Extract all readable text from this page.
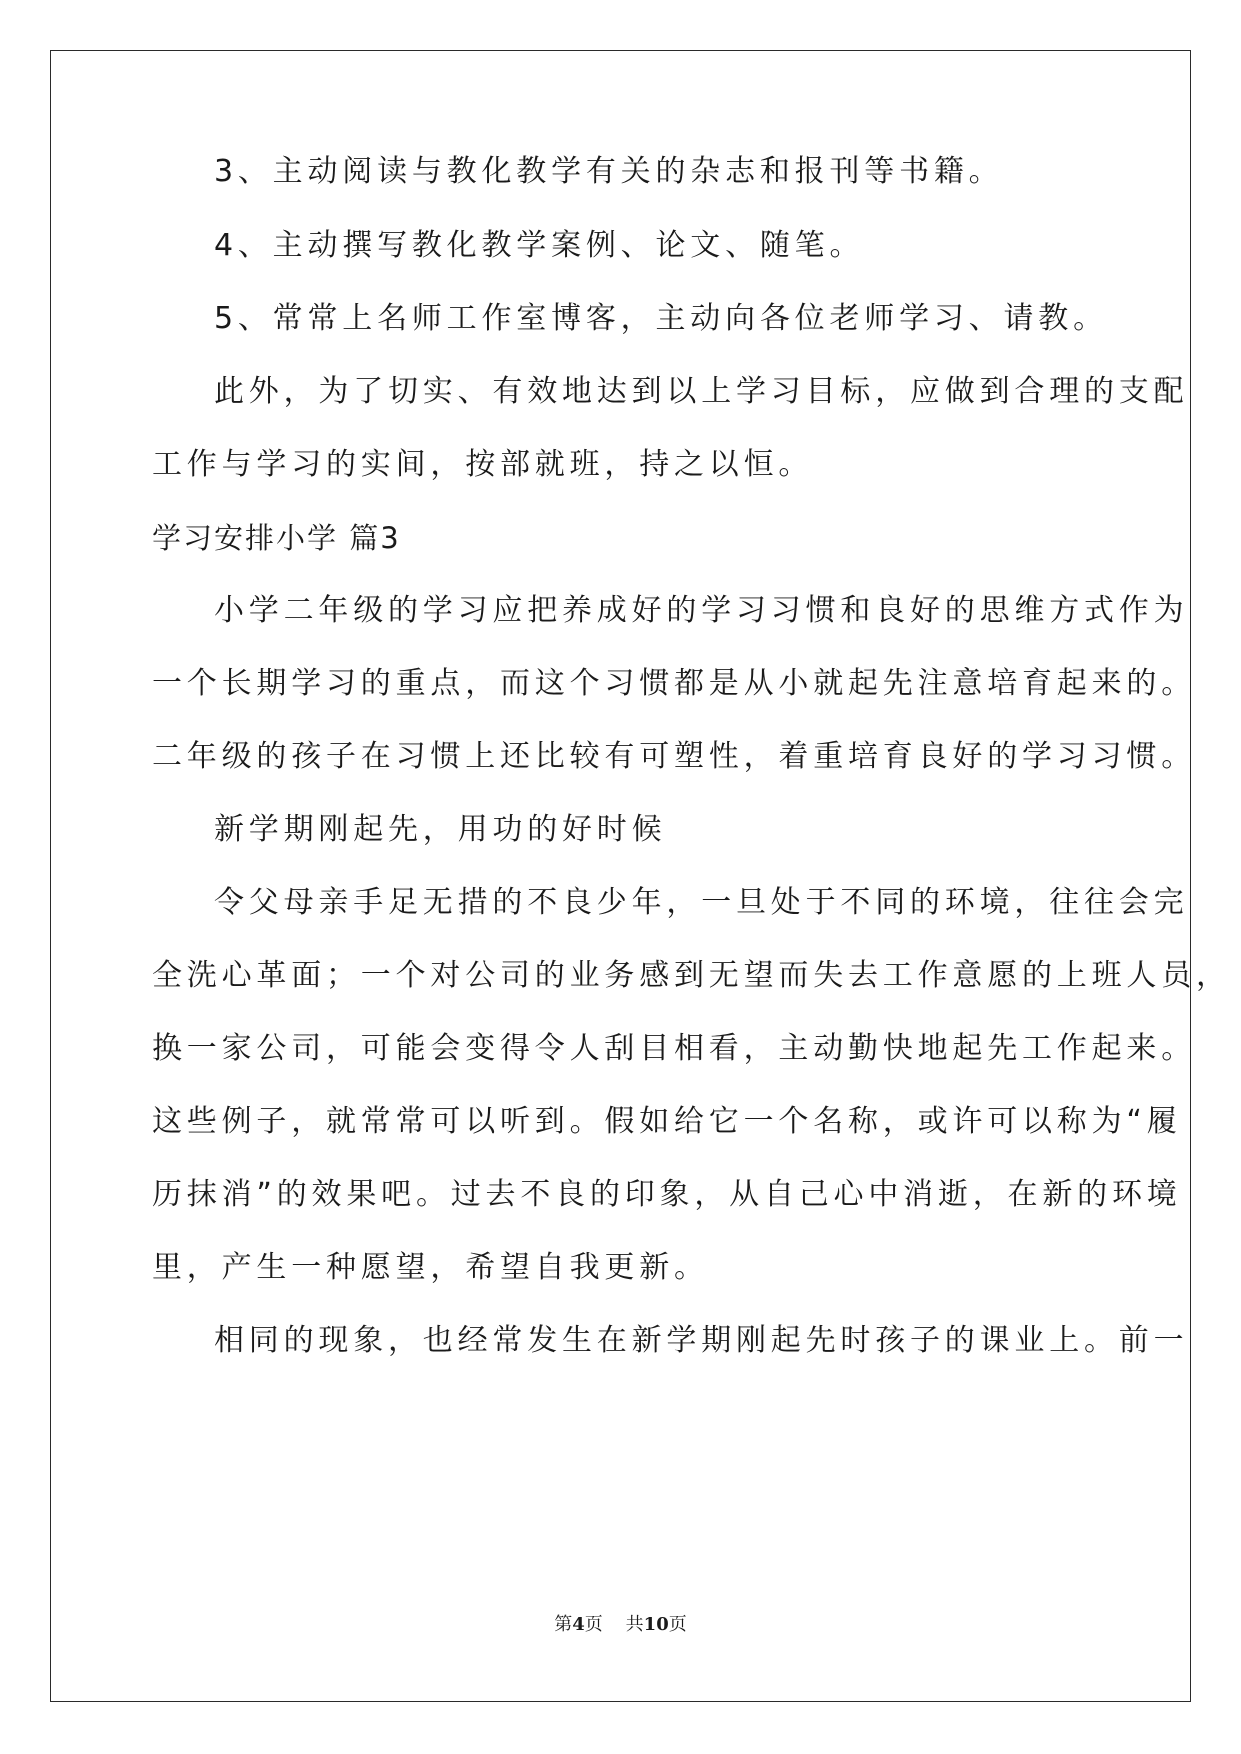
3、主动阅读与教化教学有关的杂志和报刊等书籍。
4、主动撰写教化教学案例、论文、随笔。
5、常常上名师工作室博客，主动向各位老师学习、请教。
此外，为了切实、有效地达到以上学习目标，应做到合理的支配
工作与学习的实间，按部就班，持之以恒。
学习安排小学 篇3
小学二年级的学习应把养成好的学习习惯和良好的思维方式作为
一个长期学习的重点，而这个习惯都是从小就起先注意培育起来的。
二年级的孩子在习惯上还比较有可塑性，着重培育良好的学习习惯。
新学期刚起先，用功的好时候
令父母亲手足无措的不良少年，一旦处于不同的环境，往往会完
全洗心革面；一个对公司的业务感到无望而失去工作意愿的上班人员，
换一家公司，可能会变得令人刮目相看，主动勤快地起先工作起来。
这些例子，就常常可以听到。假如给它一个名称，或许可以称为“履
历抹消”的效果吧。过去不良的印象，从自己心中消逝，在新的环境
里，产生一种愿望，希望自我更新。
相同的现象，也经常发生在新学期刚起先时孩子的课业上。前一
第4页 共10页
